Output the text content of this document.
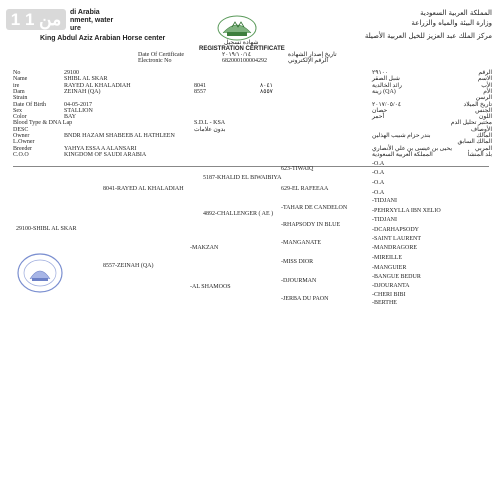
1 من 1	di Arabia
nment, water
ure
King Abdul Aziz Arabian Horse center
المملكة العربية السعودية
وزارة البيئة والمياه والزراعة
مركز الملك عبد العزيز للخيل العربية الأصيلة
شهادة تسجيل
REGISTRATION CERTIFICATE
Date Of Certificate	٢٠١٩/١٠/١٤	تاريخ إصدار الشهادة
Electronic No	682000100004292	الرقم الإلكتروني
No	29100	٢٩١٠٠	الرقم
Name	SHIBL AL SKAR	شبل الصقر	الاسم
ire	RAYED AL KHALADIAH	8041	٨٠٤١	رائد الخالدية	الأب
Dam	ZEINAH (QA)	8557	٨٥٥٧	زينة (QA)	الأم
Strain	الرسن
Date Of Birth	04-05-2017	٢٠١٧/٠٥/٠٤	تاريخ الميلاد
Sex	STALLION	حصان	الجنس
Color	BAY	أحمر	اللون
Blood Type & DNA Lap	S.D.L - KSA	مختبر تحليل الدم
DESC	بدون علامات	الأوصاف
Owner	BNDR HAZAM SHABEEB AL HATHLEEN	بندر حزام شبيب الهذلين	المالك
L.Owner	المالك السابق
Breeder	YAHYA ESSA A ALANSARI	يحيى بن عيسى بن علي الأنصاري	المربي
C.O.O	KINGDOM OF SAUDI ARABIA	المملكة العربية السعودية	بلد المنشأ
29100-SHIBL AL SKAR
8041-RAYED AL KHALADIAH
8557-ZEINAH (QA)
5187-KHALID EL BIWAIBIYA
4892-CHALLENGER ( AE )
-MAKZAN
-AL SHAMOOS
623-TIWAIQ
629-EL RAFEEAA
-TAHAR DE CANDELON
-RHAPSODY IN BLUE
-MANGANATE
-MISS DIOR
-DJOURMAN
-JERBA DU PAON
-O.A
-O.A
-O.A
-O.A
-TIDJANI
-PEHRXYLLA IBN XELIO
-TIDJANI
-DCARHAPSODY
-SAINT LAURENT
-MANDRAGORE
-MIREILLE
-MANGUIER
-BANGUE BEDUR
-DJOURANTA
-CHERI BIBI
-BERTHE
